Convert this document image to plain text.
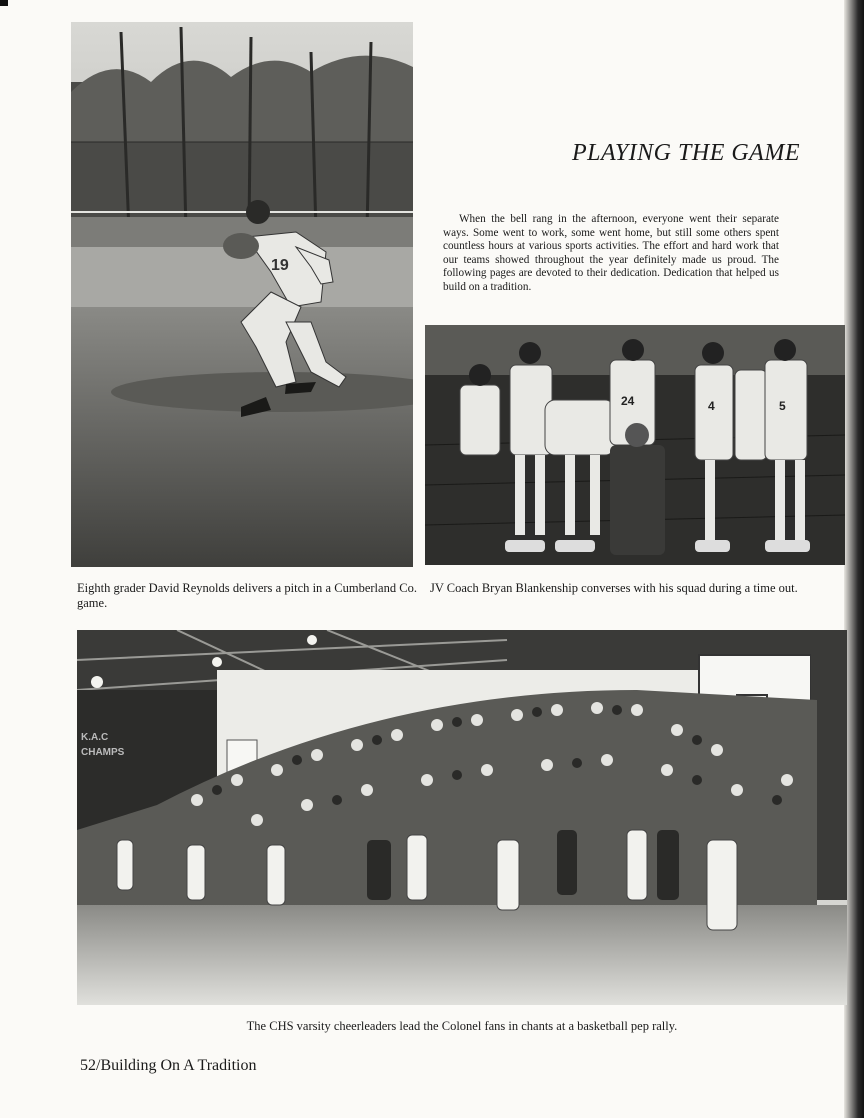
19
PLAYING THE GAME

When the bell rang in the afternoon, everyone went their separate ways. Some went to work, some went home, but still some others spent countless hours at various sports activities. The effort and hard work that our teams showed throughout the year definitely made us proud. The following pages are devoted to their dedication. Dedication that helped us build on a tradition.

24	4	5

Eighth grader David Reynolds delivers a pitch in a Cumberland Co. game.

JV Coach Bryan Blankenship converses with his squad during a time out.

K.A.C
CHAMPS

The CHS varsity cheerleaders lead the Colonel fans in chants at a basketball pep rally.

52/Building On A Tradition
